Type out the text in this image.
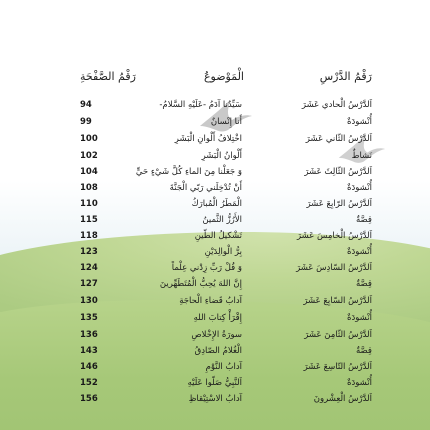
رَقْمُ الدَّرْسِ
الْمَوْضوعُ
رَقْمُ الصَّفْحَةِ
اَلدَّرْسُ الْحادي عَشَرَ
سَيِّدُنا آدَمُ -عَلَيْهِ السَّلامُ-
94
أُنْشودَةٌ
أَنا إِنْسانٌ
99
اَلدَّرْسُ الثّاني عَشَرَ
اخْتِلافُ أَلْوانِ الْبَشَرِ
100
نَشاطٌ
أَلْوانُ الْبَشَرِ
102
اَلدَّرْسُ الثّالِثَ عَشَرَ
وَ جَعَلْنا مِنَ الماءِ كُلَّ شَيْءٍ حَيٍّ
104
أُنْشودَةٌ
أَنْ تُدْخِلَني رَبّي الْجَنَّةَ
108
اَلدَّرْسُ الرّابِعَ عَشَرَ
الْمَطَرُ الْمُبارَكُ
110
قِصَّةٌ
الأَرُزُّ الثَّمينُ
115
اَلدَّرْسُ الْخامِسَ عَشَرَ
تَشْكيلُ الطّينِ
118
أُنْشودَةٌ
بِرُّ الْوالِدَيْنِ
123
اَلدَّرْسُ السّادِسَ عَشَرَ
وَ قُلْ رَبِّ زِدْني عِلْماً
124
قِصَّةٌ
إِنَّ اللهَ يُحِبُّ الْمُتَطَهِّرينَ
127
اَلدَّرْسُ السّابِعَ عَشَرَ
آدابُ قَضاءِ الْحاجَةِ
130
أُنْشودَةٌ
إِقْرَأْ كِتابَ اللهِ
135
اَلدَّرْسُ الثّامِنَ عَشَرَ
سورَةُ الإِخْلاصِ
136
قِصَّةٌ
الْغُلامُ الصّادِقُ
143
اَلدَّرْسُ التّاسِعَ عَشَرَ
آدابُ النَّوْمِ
146
أُنْشودَةٌ
اَلنَّبِيُّ صَلّوا عَلَيْهِ
152
اَلدَّرْسُ الْعِشْرونَ
آدابُ الاسْتِيْقاظِ
156
